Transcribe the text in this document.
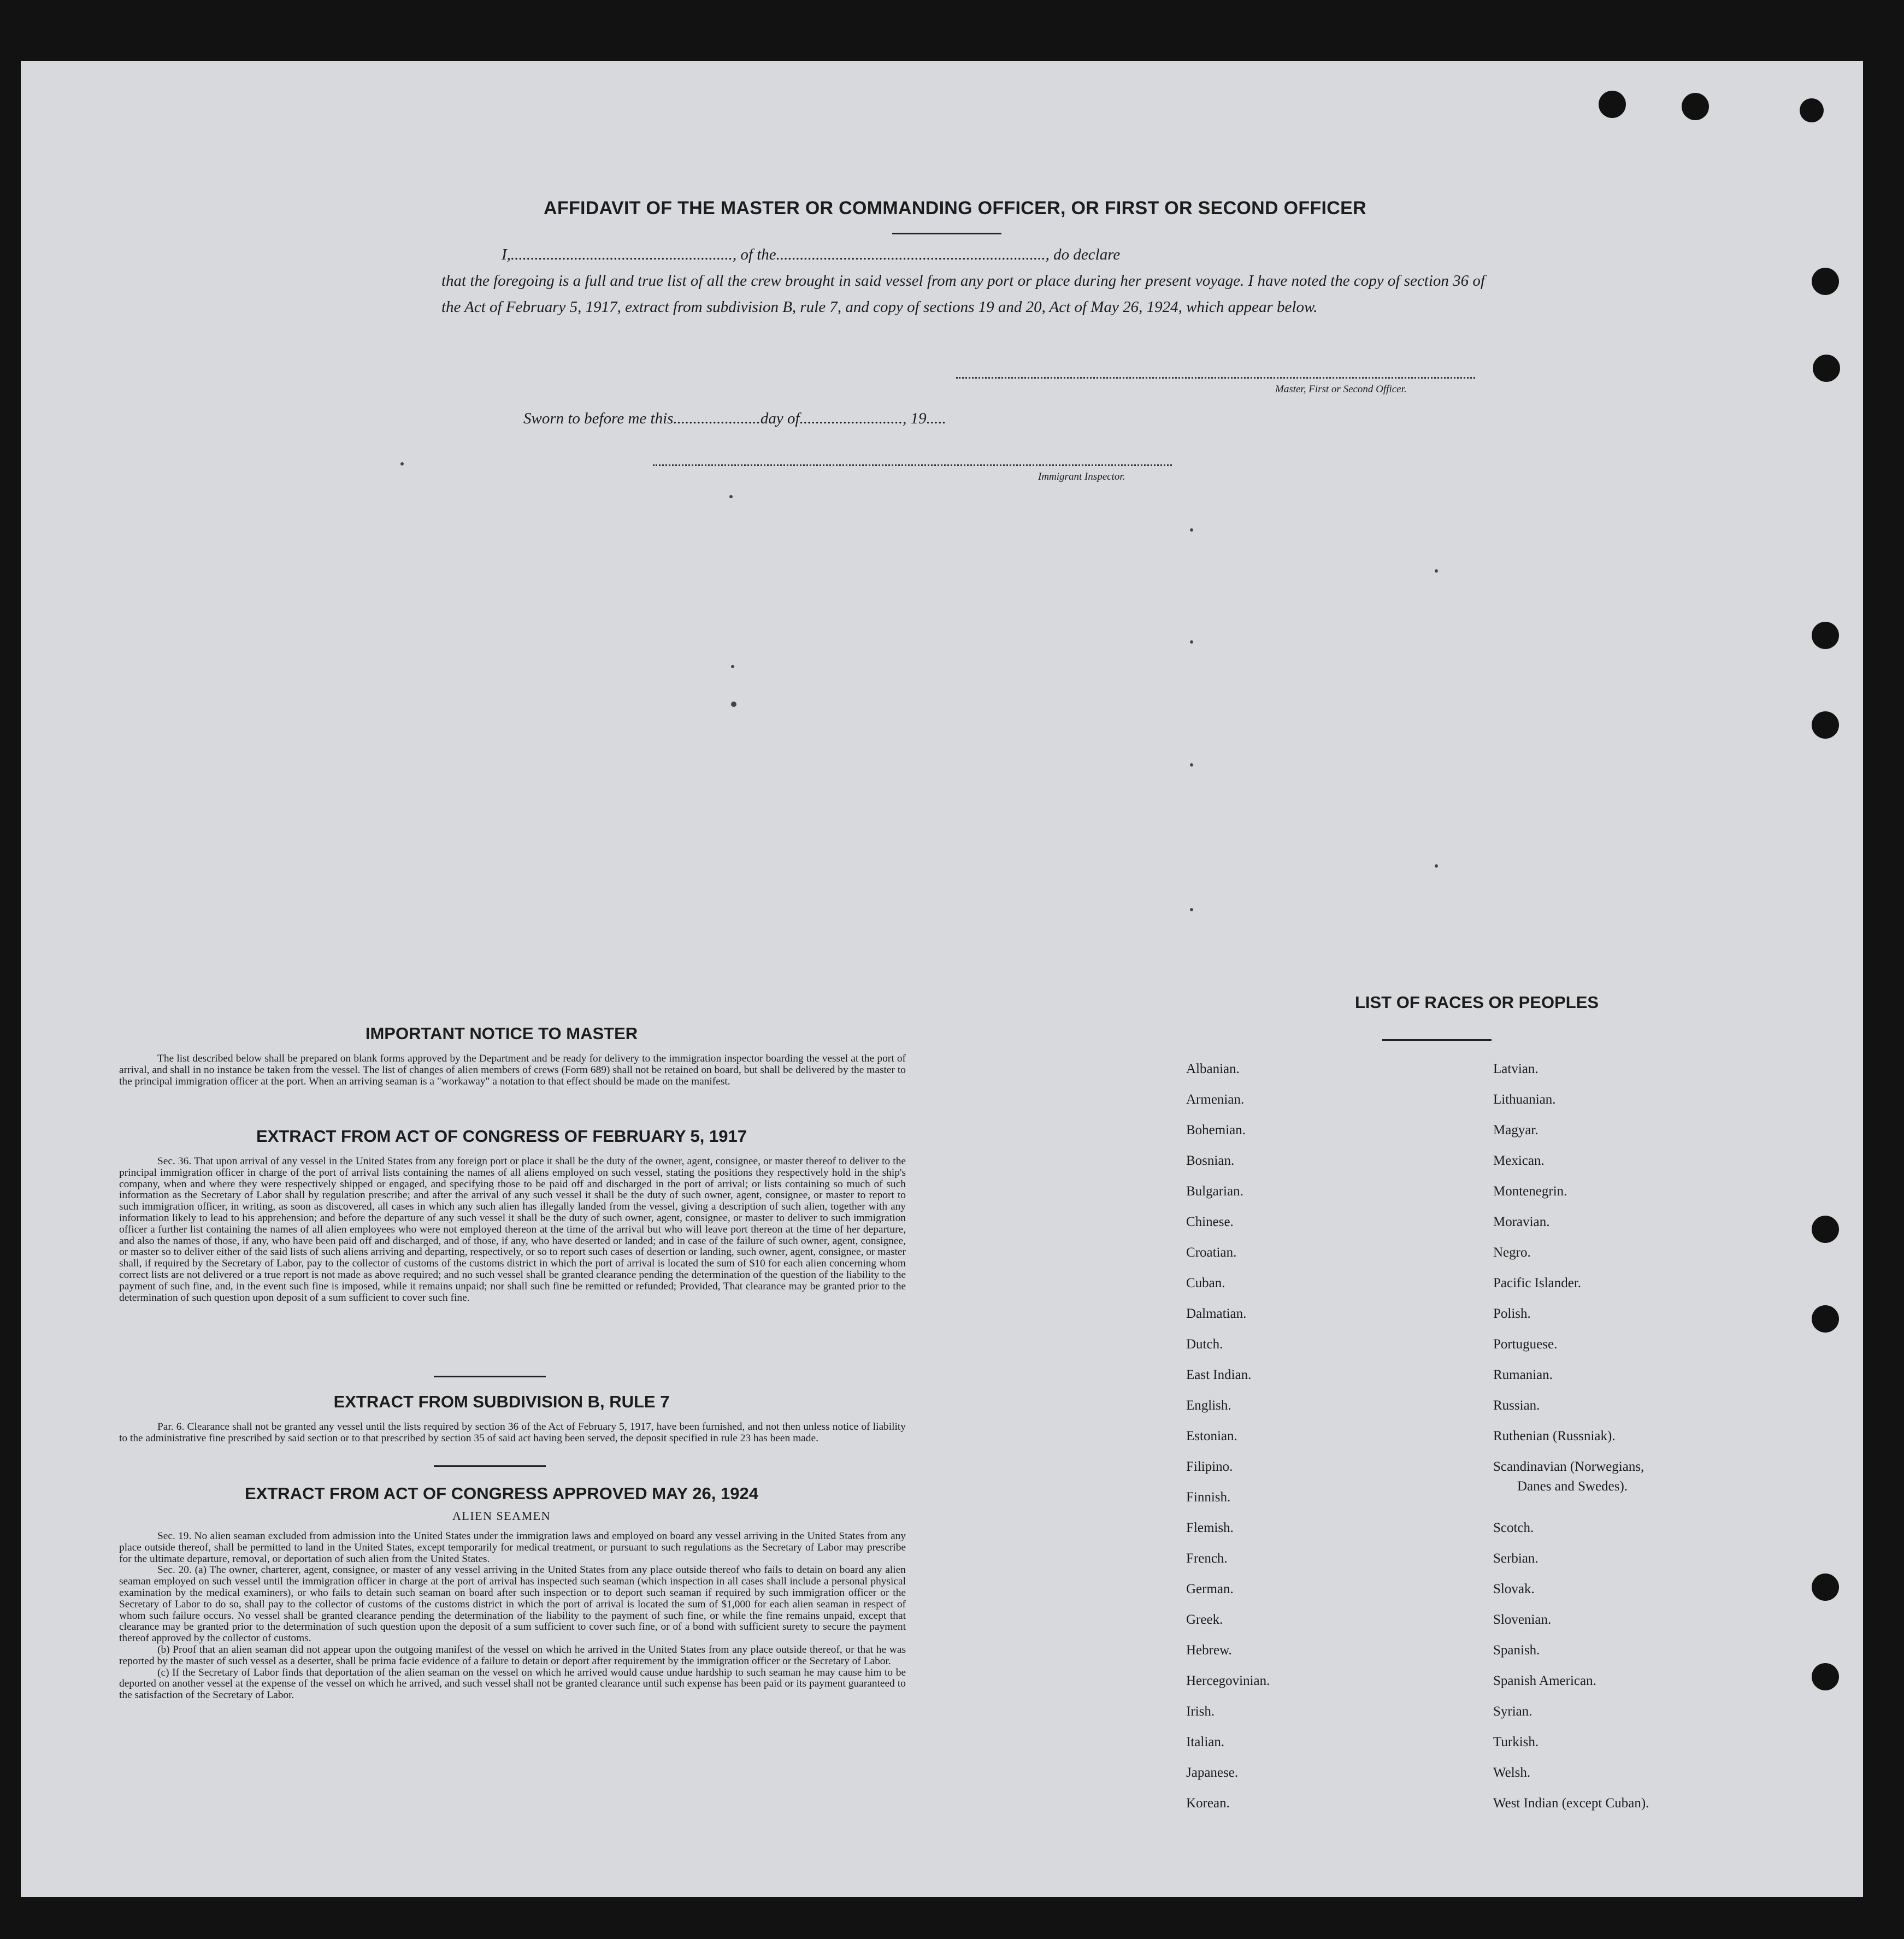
AFFIDAVIT OF THE MASTER OR COMMANDING OFFICER, OR FIRST OR SECOND OFFICER

I,........................................................, of the...................................................................., do declare

that the foregoing is a full and true list of all the crew brought in said vessel from any port or place during her present voyage. I have noted the copy of section 36 of the Act of February 5, 1917, extract from subdivision B, rule 7, and copy of sections 19 and 20, Act of May 26, 1924, which appear below.

Master, First or Second Officer.
Sworn to before me this......................day of.........................., 19.....
Immigrant Inspector.
IMPORTANT NOTICE TO MASTER

The list described below shall be prepared on blank forms approved by the Department and be ready for delivery to the immigration inspector boarding the vessel at the port of arrival, and shall in no instance be taken from the vessel. The list of changes of alien members of crews (Form 689) shall not be retained on board, but shall be delivered by the master to the principal immigration officer at the port. When an arriving seaman is a "workaway" a notation to that effect should be made on the manifest.

EXTRACT FROM ACT OF CONGRESS OF FEBRUARY 5, 1917

Sec. 36. That upon arrival of any vessel in the United States from any foreign port or place it shall be the duty of the owner, agent, consignee, or master thereof to deliver to the principal immigration officer in charge of the port of arrival lists containing the names of all aliens employed on such vessel, stating the positions they respectively hold in the ship's company, when and where they were respectively shipped or engaged, and specifying those to be paid off and discharged in the port of arrival; or lists containing so much of such information as the Secretary of Labor shall by regulation prescribe; and after the arrival of any such vessel it shall be the duty of such owner, agent, consignee, or master to report to such immigration officer, in writing, as soon as discovered, all cases in which any such alien has illegally landed from the vessel, giving a description of such alien, together with any information likely to lead to his apprehension; and before the departure of any such vessel it shall be the duty of such owner, agent, consignee, or master to deliver to such immigration officer a further list containing the names of all alien employees who were not employed thereon at the time of the arrival but who will leave port thereon at the time of her departure, and also the names of those, if any, who have been paid off and discharged, and of those, if any, who have deserted or landed; and in case of the failure of such owner, agent, consignee, or master so to deliver either of the said lists of such aliens arriving and departing, respectively, or so to report such cases of desertion or landing, such owner, agent, consignee, or master shall, if required by the Secretary of Labor, pay to the collector of customs of the customs district in which the port of arrival is located the sum of $10 for each alien concerning whom correct lists are not delivered or a true report is not made as above required; and no such vessel shall be granted clearance pending the determination of the question of the liability to the payment of such fine, and, in the event such fine is imposed, while it remains unpaid; nor shall such fine be remitted or refunded; Provided, That clearance may be granted prior to the determination of such question upon deposit of a sum sufficient to cover such fine.

EXTRACT FROM SUBDIVISION B, RULE 7

Par. 6. Clearance shall not be granted any vessel until the lists required by section 36 of the Act of February 5, 1917, have been furnished, and not then unless notice of liability to the administrative fine prescribed by said section or to that prescribed by section 35 of said act having been served, the deposit specified in rule 23 has been made.

EXTRACT FROM ACT OF CONGRESS APPROVED MAY 26, 1924
ALIEN SEAMEN

Sec. 19. No alien seaman excluded from admission into the United States under the immigration laws and employed on board any vessel arriving in the United States from any place outside thereof, shall be permitted to land in the United States, except temporarily for medical treatment, or pursuant to such regulations as the Secretary of Labor may prescribe for the ultimate departure, removal, or deportation of such alien from the United States.

Sec. 20. (a) The owner, charterer, agent, consignee, or master of any vessel arriving in the United States from any place outside thereof who fails to detain on board any alien seaman employed on such vessel until the immigration officer in charge at the port of arrival has inspected such seaman (which inspection in all cases shall include a personal physical examination by the medical examiners), or who fails to detain such seaman on board after such inspection or to deport such seaman if required by such immigration officer or the Secretary of Labor to do so, shall pay to the collector of customs of the customs district in which the port of arrival is located the sum of $1,000 for each alien seaman in respect of whom such failure occurs. No vessel shall be granted clearance pending the determination of the liability to the payment of such fine, or while the fine remains unpaid, except that clearance may be granted prior to the determination of such question upon the deposit of a sum sufficient to cover such fine, or of a bond with sufficient surety to secure the payment thereof approved by the collector of customs.

(b) Proof that an alien seaman did not appear upon the outgoing manifest of the vessel on which he arrived in the United States from any place outside thereof, or that he was reported by the master of such vessel as a deserter, shall be prima facie evidence of a failure to detain or deport after requirement by the immigration officer or the Secretary of Labor.

(c) If the Secretary of Labor finds that deportation of the alien seaman on the vessel on which he arrived would cause undue hardship to such seaman he may cause him to be deported on another vessel at the expense of the vessel on which he arrived, and such vessel shall not be granted clearance until such expense has been paid or its payment guaranteed to the satisfaction of the Secretary of Labor.

LIST OF RACES OR PEOPLES
Albanian.
Armenian.
Bohemian.
Bosnian.
Bulgarian.
Chinese.
Croatian.
Cuban.
Dalmatian.
Dutch.
East Indian.
English.
Estonian.
Filipino.
Finnish.
Flemish.
French.
German.
Greek.
Hebrew.
Hercegovinian.
Irish.
Italian.
Japanese.
Korean.
Latvian.
Lithuanian.
Magyar.
Mexican.
Montenegrin.
Moravian.
Negro.
Pacific Islander.
Polish.
Portuguese.
Rumanian.
Russian.
Ruthenian (Russniak).
Scandinavian (Norwegians,
Danes and Swedes).
Scotch.
Serbian.
Slovak.
Slovenian.
Spanish.
Spanish American.
Syrian.
Turkish.
Welsh.
West Indian (except Cuban).
